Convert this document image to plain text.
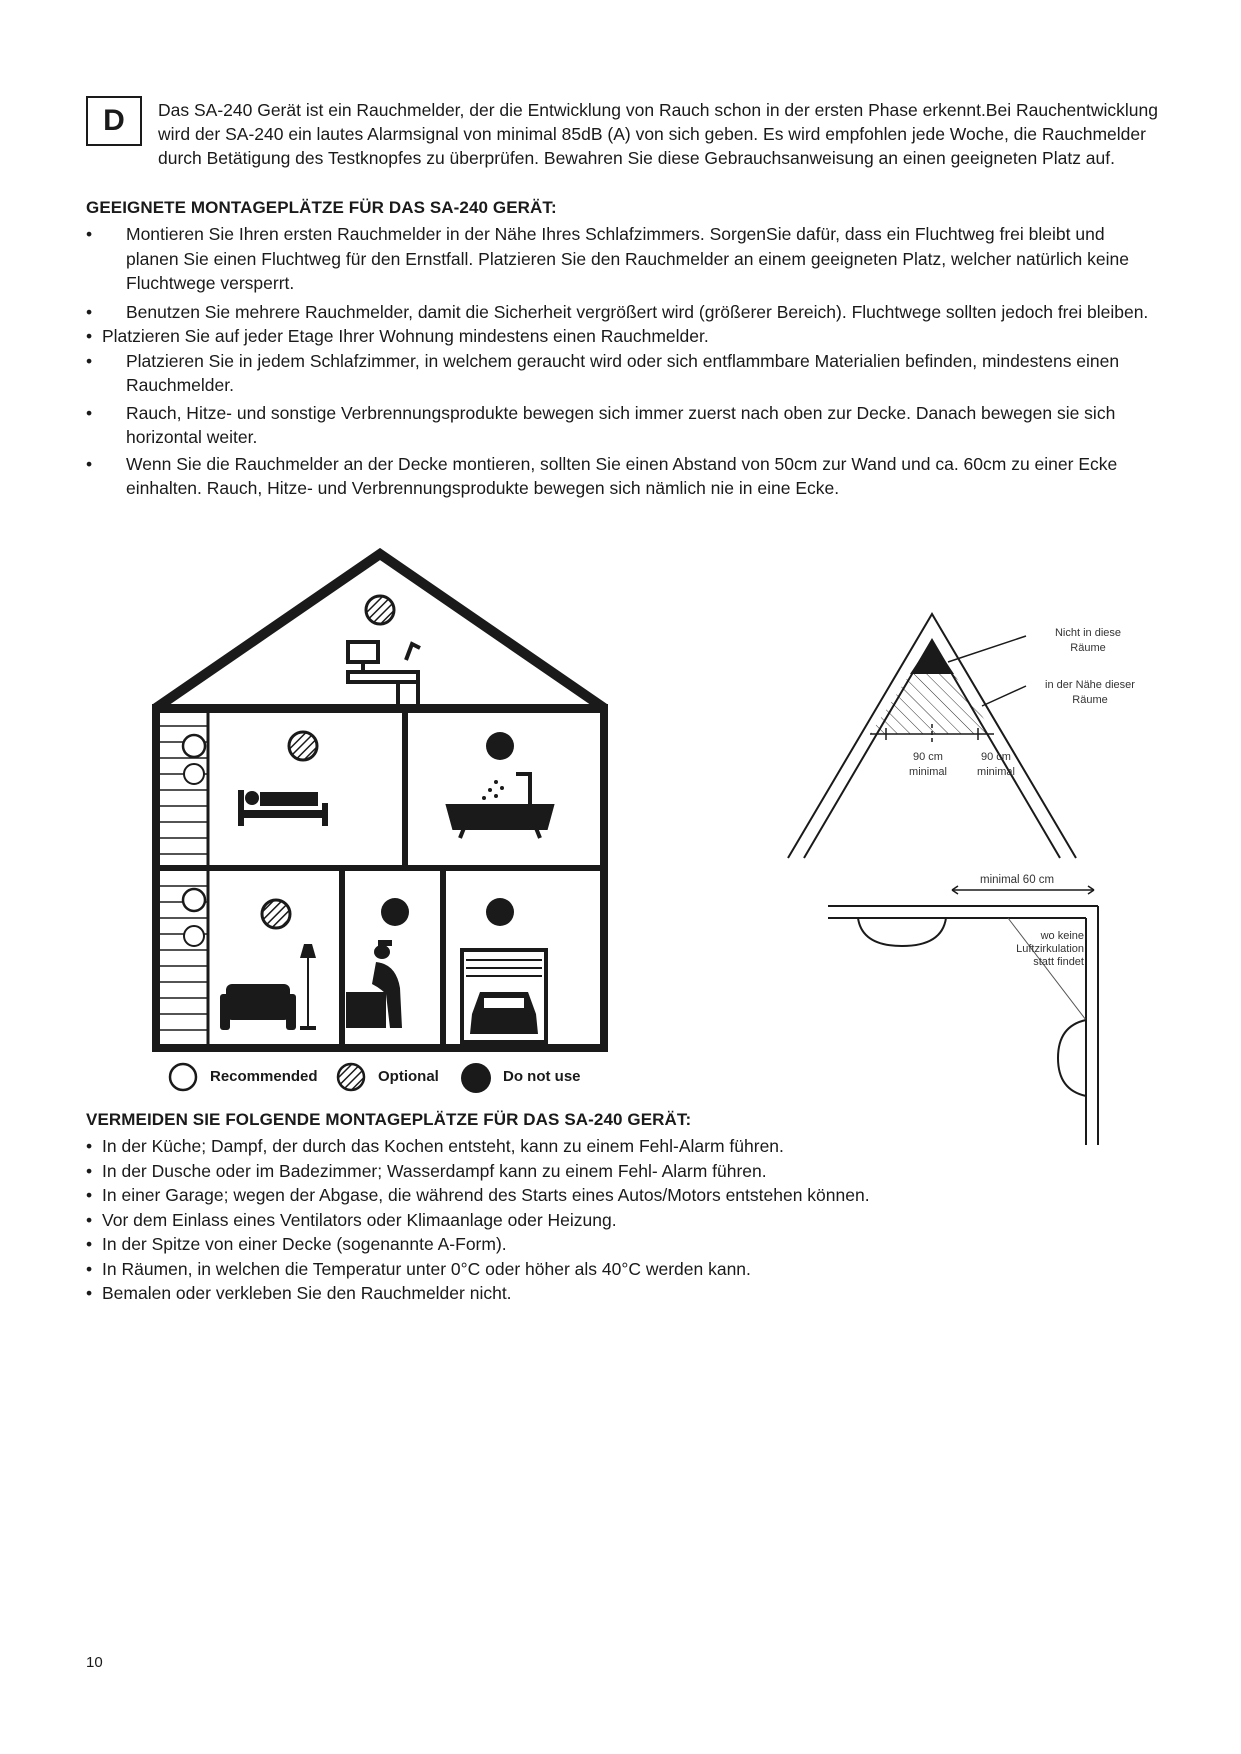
D	Das SA-240 Gerät ist ein Rauchmelder, der die Entwicklung von Rauch schon in der ersten Phase erkennt.Bei Rauchentwicklung wird der SA-240 ein lautes Alarmsignal von minimal 85dB (A) von sich geben. Es wird empfohlen jede Woche, die Rauchmelder durch Betätigung des Testknopfes zu überprüfen. Bewahren Sie diese Gebrauchsanweisung an einen geeigneten Platz auf.
GEEIGNETE MONTAGEPLÄTZE FÜR DAS SA-240 GERÄT:
• Montieren Sie Ihren ersten Rauchmelder in der Nähe Ihres Schlafzimmers. SorgenSie dafür, dass ein Fluchtweg frei bleibt und planen Sie einen Fluchtweg für den Ernstfall. Platzieren Sie den Rauchmelder an einem geeigneten Platz, welcher natürlich keine Fluchtwege versperrt.
• Benutzen Sie mehrere Rauchmelder, damit die Sicherheit vergrößert wird (größerer Bereich). Fluchtwege sollten jedoch frei bleiben.
• Platzieren Sie auf jeder Etage Ihrer Wohnung mindestens einen Rauchmelder.
• Platzieren Sie in jedem Schlafzimmer, in welchem geraucht wird oder sich entflammbare Materialien befinden, mindestens einen Rauchmelder.
• Rauch, Hitze- und sonstige Verbrennungsprodukte bewegen sich immer zuerst nach oben zur Decke. Danach bewegen sie sich horizontal weiter.
• Wenn Sie die Rauchmelder an der Decke montieren, sollten Sie einen Abstand von 50cm zur Wand und ca. 60cm zu einer Ecke einhalten. Rauch, Hitze- und Verbrennungsprodukte bewegen sich nämlich nie in eine Ecke.
Recommended	Optional	Do not use
Nicht in diese
Räume
in der Nähe dieser
Räume
90 cm
minimal
90 cm
minimal
minimal 60 cm
wo keine
Luftzirkulation
statt findet
VERMEIDEN SIE FOLGENDE MONTAGEPLÄTZE FÜR DAS SA-240 GERÄT:
• In der Küche; Dampf, der durch das Kochen entsteht, kann zu einem Fehl-Alarm führen.
• In der Dusche oder im Badezimmer; Wasserdampf kann zu einem Fehl- Alarm führen.
• In einer Garage; wegen der Abgase, die während des Starts eines Autos/Motors entstehen können.
• Vor dem Einlass eines Ventilators oder Klimaanlage oder Heizung.
• In der Spitze von einer Decke (sogenannte A-Form).
• In Räumen, in welchen die Temperatur unter 0°C oder höher als 40°C werden kann.
• Bemalen oder verkleben Sie den Rauchmelder nicht.
10
